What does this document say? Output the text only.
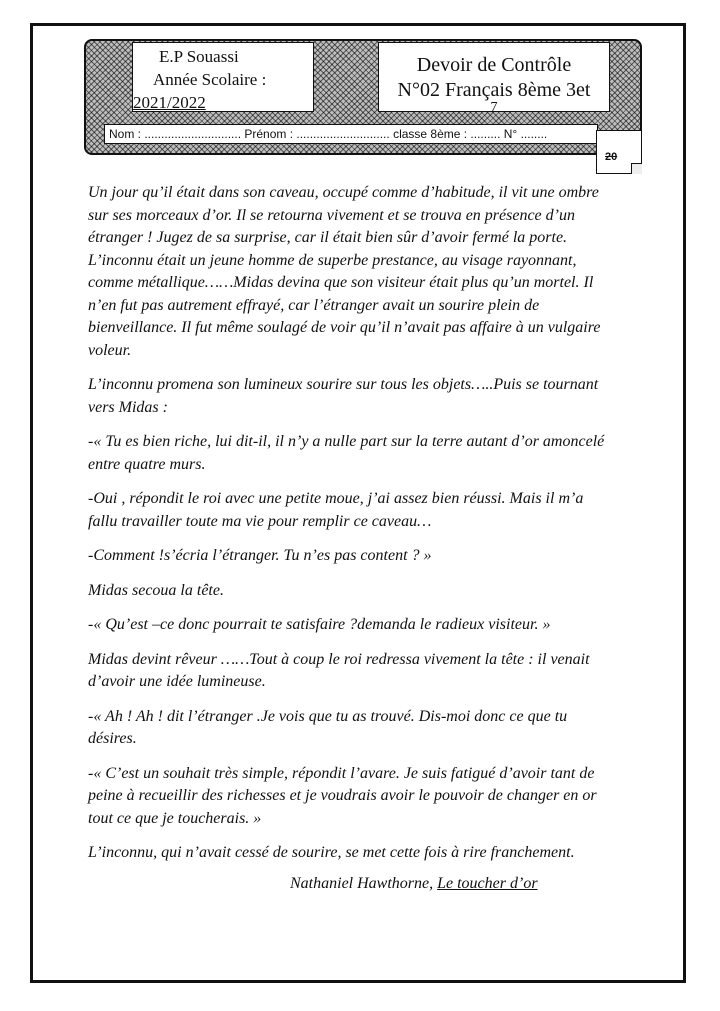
E.P Souassi
Année Scolaire :
2021/2022
Devoir de Contrôle
N°02 Français 8ème 3et
7
Nom : ............................. Prénom : ............................ classe 8ème : ......... N° ........
20

Un jour qu’il était dans son caveau, occupé comme d’habitude, il vit une ombre
sur ses morceaux d’or. Il se retourna vivement et se trouva en présence d’un
étranger ! Jugez de sa surprise, car il était bien sûr d’avoir fermé la porte.
L’inconnu était un jeune homme de superbe prestance, au visage rayonnant,
comme métallique……Midas devina que son visiteur était plus qu’un mortel. Il
n’en fut pas autrement effrayé, car l’étranger avait un sourire plein de
bienveillance. Il fut même soulagé de voir qu’il n’avait pas affaire à un vulgaire
voleur.

L’inconnu promena son lumineux sourire sur tous les objets…..Puis se tournant
vers Midas :

-« Tu es bien riche, lui dit-il, il n’y a nulle part sur la terre autant d’or amoncelé
entre quatre murs.

-Oui , répondit le roi avec une petite moue, j’ai assez bien réussi. Mais il m’a
fallu travailler toute ma vie pour remplir ce caveau…

-Comment !s’écria l’étranger. Tu n’es pas content ? »

Midas secoua la tête.

-« Qu’est –ce donc pourrait te satisfaire ?demanda le radieux visiteur. »

Midas devint rêveur ……Tout à coup le roi redressa vivement la tête : il venait
d’avoir une idée lumineuse.

-« Ah ! Ah ! dit l’étranger .Je vois que tu as trouvé. Dis-moi donc ce que tu
désires.

-« C’est un souhait très simple, répondit l’avare. Je suis fatigué d’avoir tant de
peine à recueillir des richesses et je voudrais avoir le pouvoir de changer en or
tout ce que je toucherais. »

L’inconnu, qui n’avait cessé de sourire, se met cette fois à rire franchement.

Nathaniel Hawthorne, Le toucher d’or
